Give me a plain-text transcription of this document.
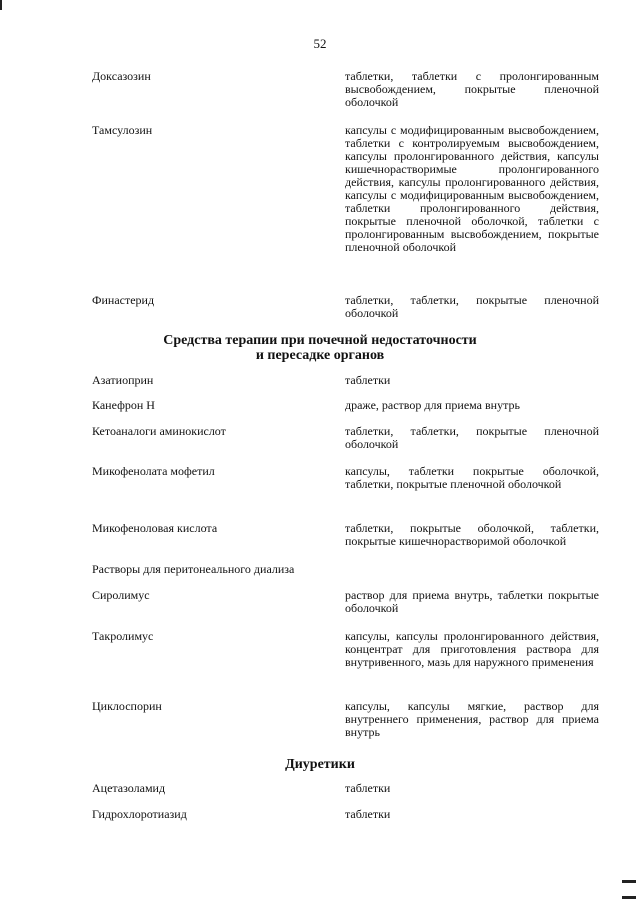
52
Доксазозин	таблетки, таблетки с пролонгированным высвобождением, покрытые пленочной оболочкой
Тамсулозин	капсулы с модифицированным высвобождением, таблетки с контролируемым высвобождением, капсулы пролонгированного действия, капсулы кишечнорастворимые пролонгированного действия, капсулы пролонгированного действия, капсулы с модифицированным высвобождением, таблетки пролонгированного действия, покрытые пленочной оболочкой, таблетки с пролонгированным высвобождением, покрытые пленочной оболочкой
Финастерид	таблетки, таблетки, покрытые пленочной оболочкой
Средства терапии при почечной недостаточности
и пересадке органов
Азатиоприн	таблетки
Канефрон Н	драже, раствор для приема внутрь
Кетоаналоги аминокислот	таблетки, таблетки, покрытые пленочной оболочкой
Микофенолата мофетил	капсулы, таблетки покрытые оболочкой, таблетки, покрытые пленочной оболочкой
Микофеноловая кислота	таблетки, покрытые оболочкой, таблетки, покрытые кишечнорастворимой оболочкой
Растворы для перитонеального диализа
Сиролимус	раствор для приема внутрь, таблетки покрытые оболочкой
Такролимус	капсулы, капсулы пролонгированного действия, концентрат для приготовления раствора для внутривенного, мазь для наружного применения
Циклоспорин	капсулы, капсулы мягкие, раствор для внутреннего применения, раствор для приема внутрь
Диуретики
Ацетазоламид	таблетки
Гидрохлоротиазид	таблетки
